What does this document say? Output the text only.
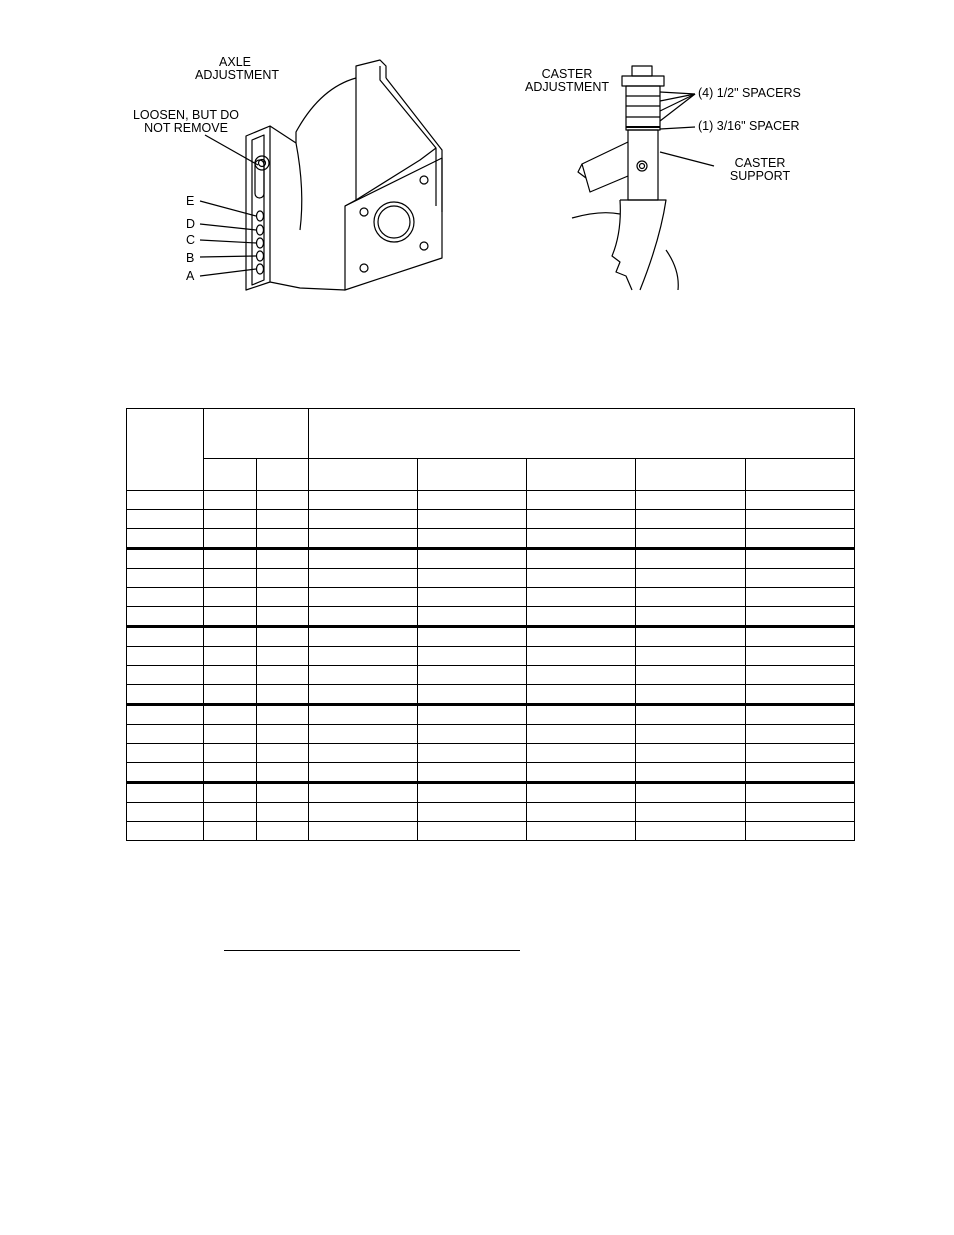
AXLE ADJUSTMENT
LOOSEN, BUT DO NOT REMOVE
E
D
C
B
A
CASTER ADJUSTMENT	(4) 1/2" SPACERS
(1) 3/16" SPACER
CASTER SUPPORT
